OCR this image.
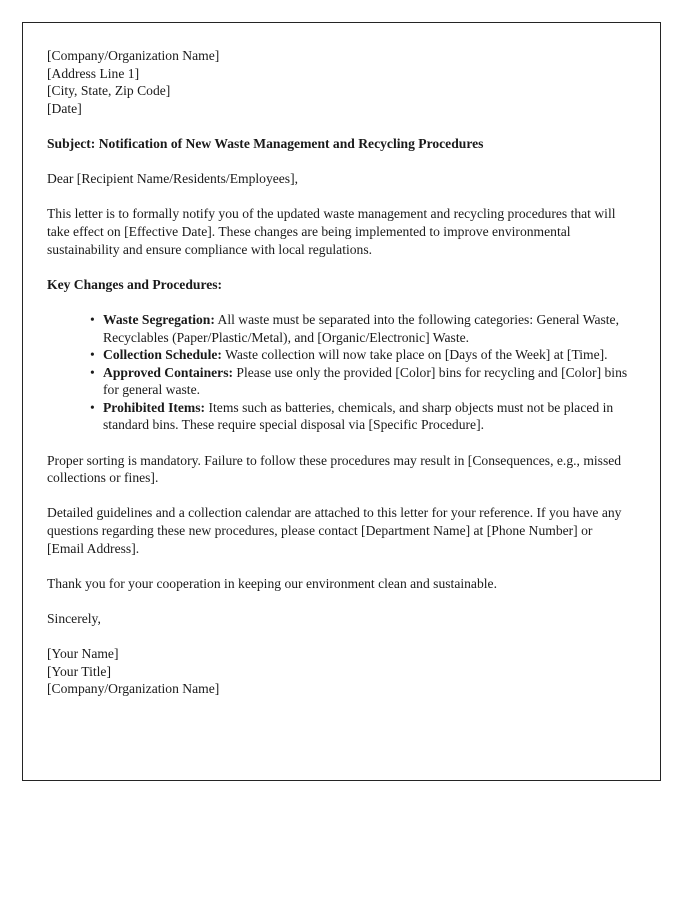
[Company/Organization Name]
[Address Line 1]
[City, State, Zip Code]
[Date]

Subject: Notification of New Waste Management and Recycling Procedures

Dear [Recipient Name/Residents/Employees],

This letter is to formally notify you of the updated waste management and recycling procedures that will take effect on [Effective Date]. These changes are being implemented to improve environmental sustainability and ensure compliance with local regulations.

Key Changes and Procedures:

• Waste Segregation: All waste must be separated into the following categories: General Waste, Recyclables (Paper/Plastic/Metal), and [Organic/Electronic] Waste.
• Collection Schedule: Waste collection will now take place on [Days of the Week] at [Time].
• Approved Containers: Please use only the provided [Color] bins for recycling and [Color] bins for general waste.
• Prohibited Items: Items such as batteries, chemicals, and sharp objects must not be placed in standard bins. These require special disposal via [Specific Procedure].

Proper sorting is mandatory. Failure to follow these procedures may result in [Consequences, e.g., missed collections or fines].

Detailed guidelines and a collection calendar are attached to this letter for your reference. If you have any questions regarding these new procedures, please contact [Department Name] at [Phone Number] or [Email Address].

Thank you for your cooperation in keeping our environment clean and sustainable.

Sincerely,

[Your Name]
[Your Title]
[Company/Organization Name]
